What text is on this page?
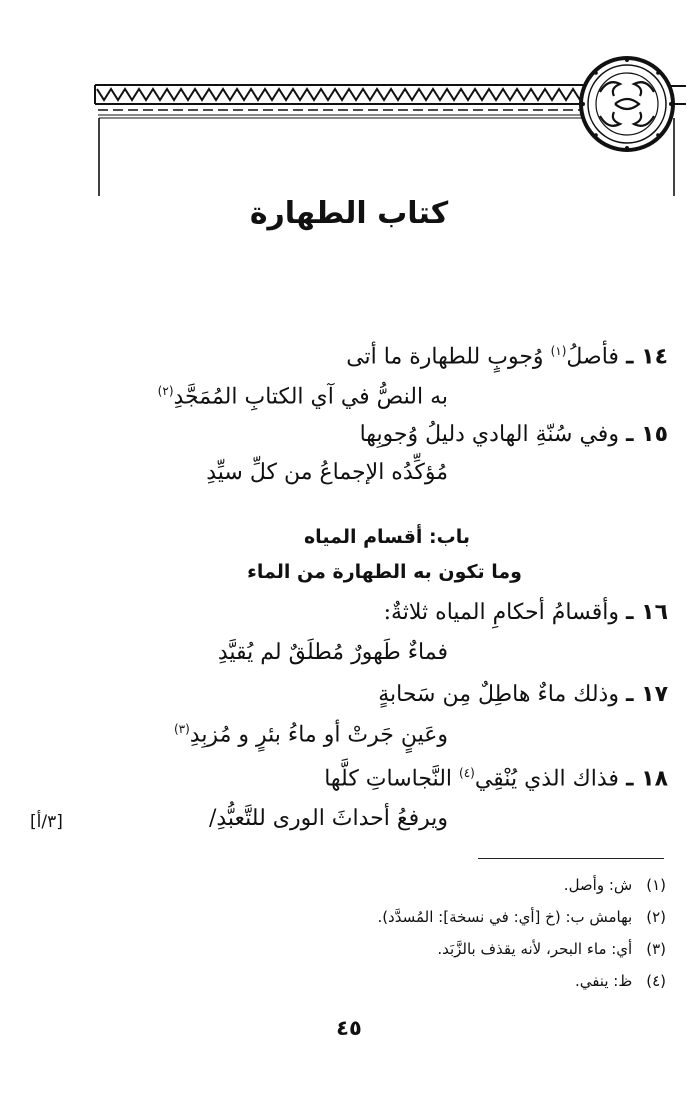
كتاب الطهارة
١٤ ـ فأصلُ$^{(١)}$ وُجوبٍ للطهارة ما أتى
به النصُّ في آي الكتابِ المُمَجَّدِ$^{(٢)}$
١٥ ـ وفي سُنّةِ الهادي دليلُ وُجوبِها
مُؤكِّدُه الإجماعُ من كلِّ سيِّدِ
باب: أقسام المياه
وما تكون به الطهارة من الماء
١٦ ـ وأقسامُ أحكامِ المياه ثلاثةٌ:
فماءٌ طَهورٌ مُطلَقٌ لم يُقيَّدِ
١٧ ـ وذلك ماءٌ هاطِلٌ مِن سَحابةٍ
وعَينٍ جَرتْ أو ماءُ بئرٍ و مُزبِدِ$^{(٣)}$
١٨ ـ فذاك الذي يُنْقِي$^{(٤)}$ النَّجاساتِ كلَّها
ويرفعُ أحداثَ الورى للتَّعبُّدِ/
[٣/أ]
(١)ش: وأصل.
(٢)بهامش ب: (خ [أي: في نسخة]: المُسدَّد).
(٣)أي: ماء البحر، لأنه يقذف بالزَّبَد.
(٤)ظ: ينفي.
٤٥
